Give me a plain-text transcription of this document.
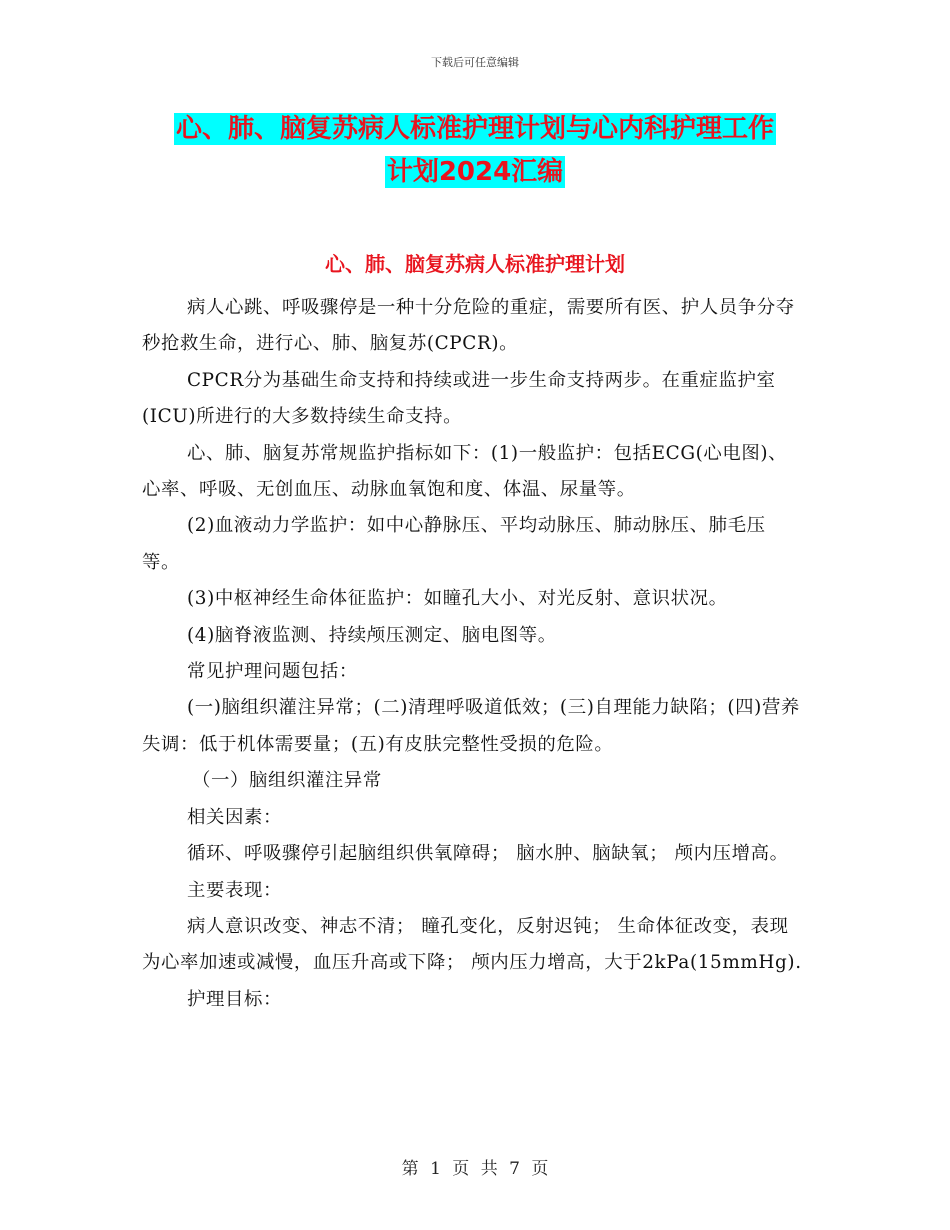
下载后可任意编辑
心、肺、脑复苏病人标准护理计划与心内科护理工作
计划2024汇编
心、肺、脑复苏病人标准护理计划

病人心跳、呼吸骤停是一种十分危险的重症，需要所有医、护人员争分夺秒抢救生命，进行心、肺、脑复苏(CPCR)。

CPCR分为基础生命支持和持续或进一步生命支持两步。在重症监护室(ICU)所进行的大多数持续生命支持。

心、肺、脑复苏常规监护指标如下：(1)一般监护：包括ECG(心电图)、心率、呼吸、无创血压、动脉血氧饱和度、体温、尿量等。

(2)血液动力学监护：如中心静脉压、平均动脉压、肺动脉压、肺毛压等。

(3)中枢神经生命体征监护：如瞳孔大小、对光反射、意识状况。

(4)脑脊液监测、持续颅压测定、脑电图等。

常见护理问题包括：

(一)脑组织灌注异常；(二)清理呼吸道低效；(三)自理能力缺陷；(四)营养失调：低于机体需要量；(五)有皮肤完整性受损的危险。

（一）脑组织灌注异常

相关因素：

循环、呼吸骤停引起脑组织供氧障碍； 脑水肿、脑缺氧； 颅内压增高。

主要表现：

病人意识改变、神志不清； 瞳孔变化，反射迟钝； 生命体征改变，表现为心率加速或减慢，血压升高或下降； 颅内压力增高，大于2kPa(15mmHg).

护理目标：

第 1 页 共 7 页
